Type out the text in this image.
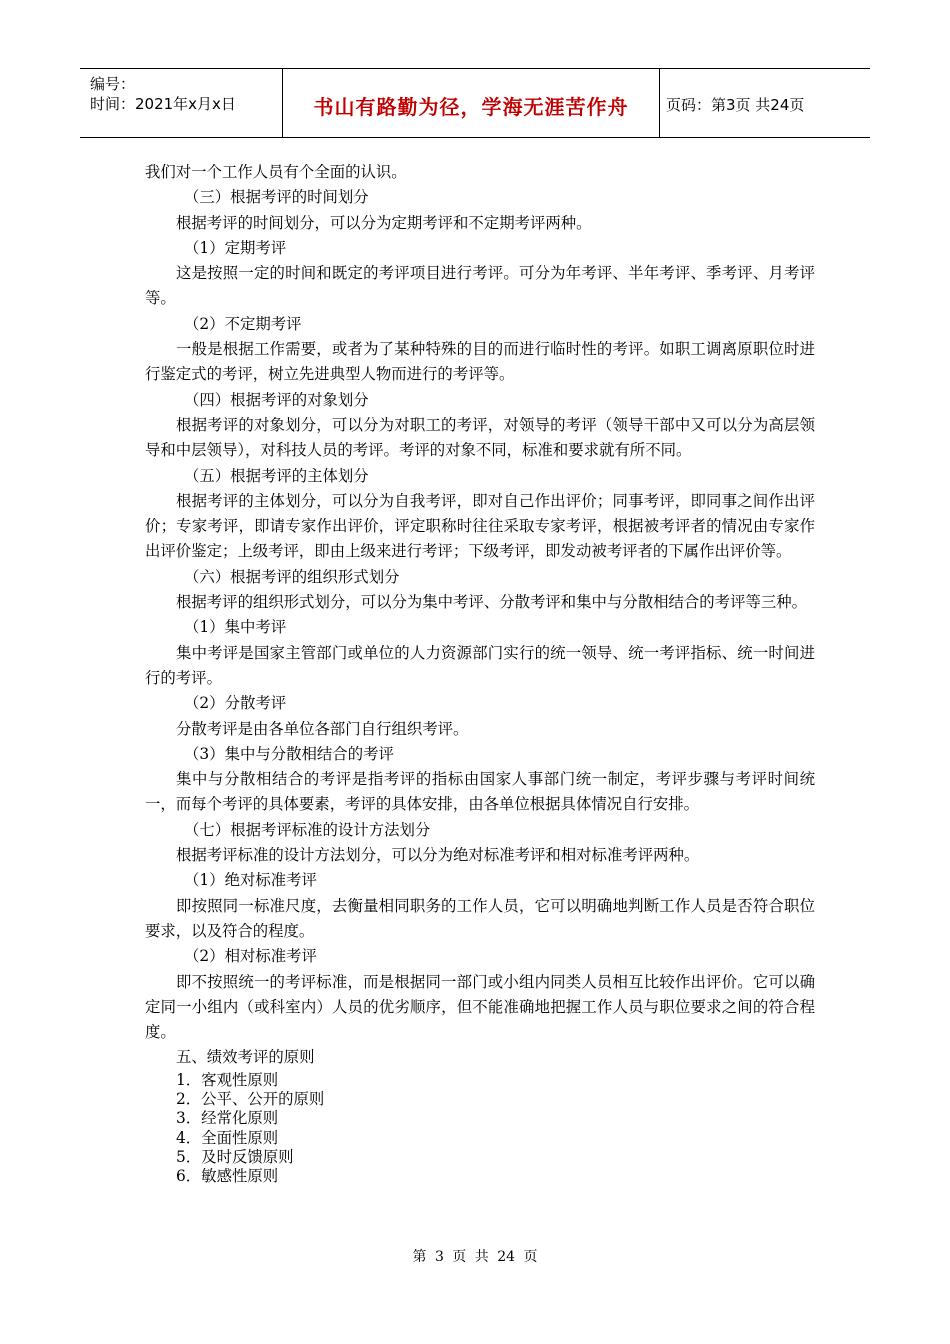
编号：
时间：2021年x月x日	书山有路勤为径，学海无涯苦作舟	页码：第3页 共24页

我们对一个工作人员有个全面的认识。

（三）根据考评的时间划分

根据考评的时间划分，可以分为定期考评和不定期考评两种。

（1）定期考评

这是按照一定的时间和既定的考评项目进行考评。可分为年考评、半年考评、季考评、月考评等。

（2）不定期考评

一般是根据工作需要，或者为了某种特殊的目的而进行临时性的考评。如职工调离原职位时进行鉴定式的考评，树立先进典型人物而进行的考评等。

（四）根据考评的对象划分

根据考评的对象划分，可以分为对职工的考评，对领导的考评（领导干部中又可以分为高层领导和中层领导），对科技人员的考评。考评的对象不同，标准和要求就有所不同。

（五）根据考评的主体划分

根据考评的主体划分，可以分为自我考评，即对自己作出评价；同事考评，即同事之间作出评价；专家考评，即请专家作出评价，评定职称时往往采取专家考评，根据被考评者的情况由专家作出评价鉴定；上级考评，即由上级来进行考评；下级考评，即发动被考评者的下属作出评价等。

（六）根据考评的组织形式划分

根据考评的组织形式划分，可以分为集中考评、分散考评和集中与分散相结合的考评等三种。

（1）集中考评

集中考评是国家主管部门或单位的人力资源部门实行的统一领导、统一考评指标、统一时间进行的考评。

（2）分散考评

分散考评是由各单位各部门自行组织考评。

（3）集中与分散相结合的考评

集中与分散相结合的考评是指考评的指标由国家人事部门统一制定，考评步骤与考评时间统一，而每个考评的具体要素，考评的具体安排，由各单位根据具体情况自行安排。

（七）根据考评标准的设计方法划分

根据考评标准的设计方法划分，可以分为绝对标准考评和相对标准考评两种。

（1）绝对标准考评

即按照同一标准尺度，去衡量相同职务的工作人员，它可以明确地判断工作人员是否符合职位要求，以及符合的程度。

（2）相对标准考评

即不按照统一的考评标准，而是根据同一部门或小组内同类人员相互比较作出评价。它可以确定同一小组内（或科室内）人员的优劣顺序，但不能准确地把握工作人员与职位要求之间的符合程度。

五、绩效考评的原则

1．客观性原则

2．公平、公开的原则

3．经常化原则

4．全面性原则

5．及时反馈原则

6．敏感性原则

第 3 页 共 24 页
